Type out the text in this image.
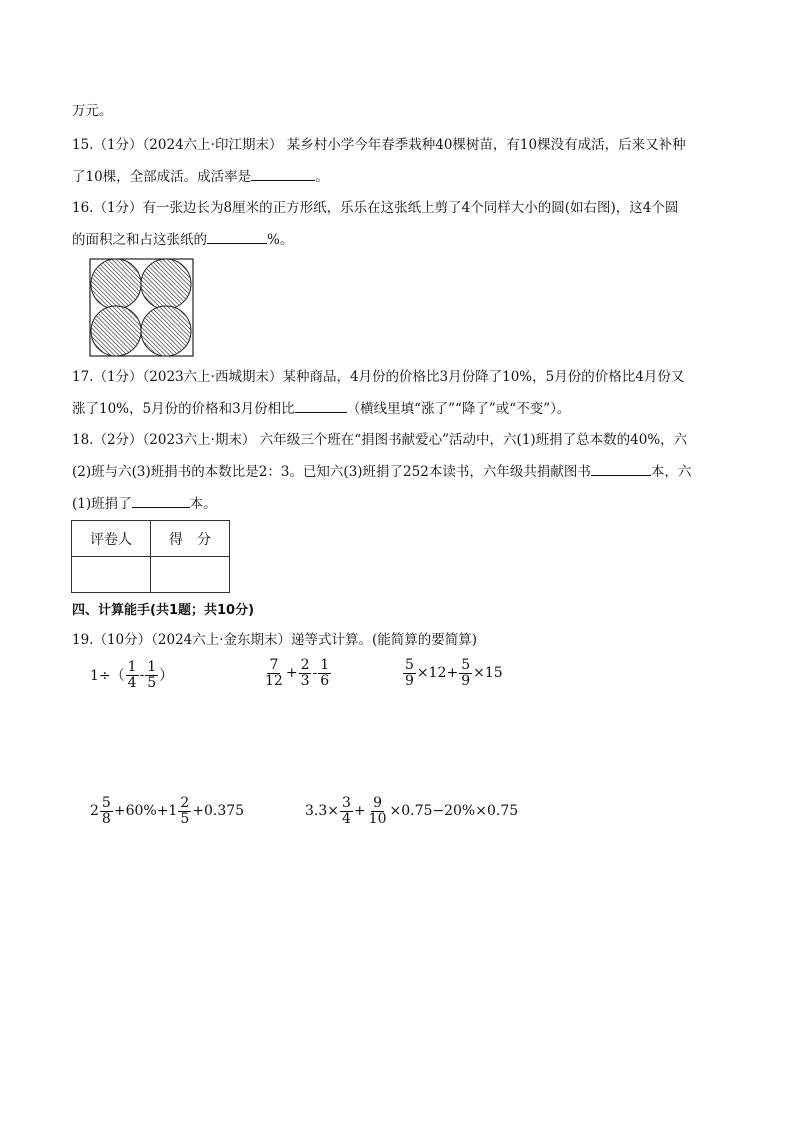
万元。
15.（1分）（2024六上·印江期末） 某乡村小学今年春季栽种40棵树苗，有10棵没有成活，后来又补种
了10棵，全部成活。成活率是	。
16.（1分）有一张边长为8厘米的正方形纸，乐乐在这张纸上剪了4个同样大小的圆(如右图)，这4个圆
的面积之和占这张纸的	%。
17.（1分）（2023六上·西城期末）某种商品，4月份的价格比3月份降了10%，5月份的价格比4月份又
涨了10%，5月份的价格和3月份相比	（横线里填“涨了”“降了”或“不变”）。
18.（2分）（2023六上·期末） 六年级三个班在“捐图书献爱心”活动中，六(1)班捐了总本数的40%，六
(2)班与六(3)班捐书的本数比是2：3。已知六(3)班捐了252本读书，六年级共捐献图书	本，六
(1)班捐了	本。
评卷人	得　分

四、计算能手(共1题；共10分)
19.（10分）（2024六上·金东期末）递等式计算。(能简算的要简算)
$1\div( \frac{1}{4} - \frac{1}{5}$ ）	$\frac{7}{12} + \frac{2}{3} - \frac{1}{6}$	$\frac{5}{9} \times 12+ \frac{5}{9} \times 15$
$2 \frac{5}{8} +60\%+1 \frac{2}{5} +0.375$	$3.3\times \frac{3}{4} + \frac{9}{10} \times 0.75-20\%\times 0.75$
